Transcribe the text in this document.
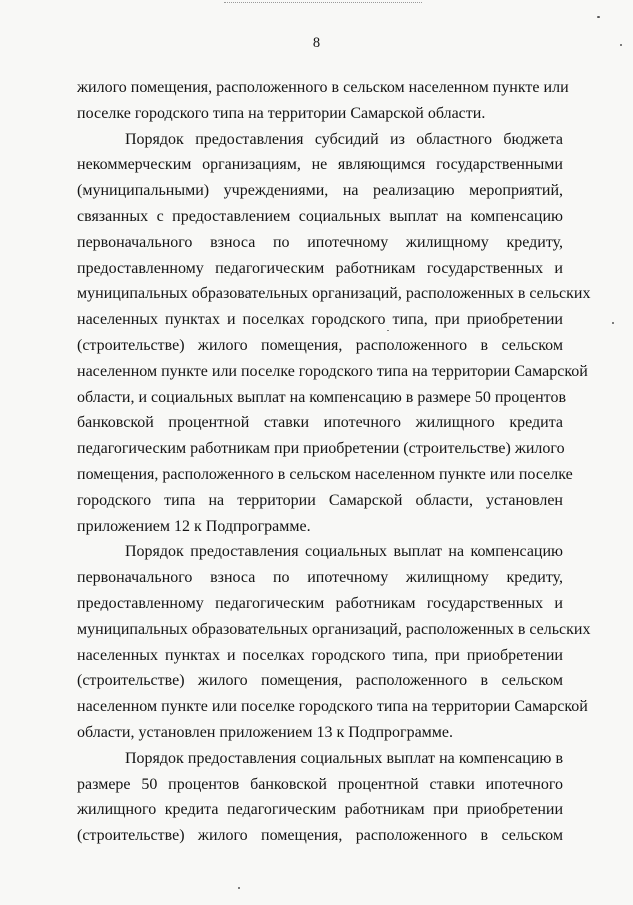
8
жилого помещения, расположенного в сельском населенном пункте или
поселке городского типа на территории Самарской области.
Порядок предоставления субсидий из областного бюджета
некоммерческим организациям, не являющимся государственными
(муниципальными) учреждениями, на реализацию мероприятий,
связанных с предоставлением социальных выплат на компенсацию
первоначального взноса по ипотечному жилищному кредиту,
предоставленному педагогическим работникам государственных и
муниципальных образовательных организаций, расположенных в сельских
населенных пунктах и поселках городского типа, при приобретении
(строительстве) жилого помещения, расположенного в сельском
населенном пункте или поселке городского типа на территории Самарской
области, и социальных выплат на компенсацию в размере 50 процентов
банковской процентной ставки ипотечного жилищного кредита
педагогическим работникам при приобретении (строительстве) жилого
помещения, расположенного в сельском населенном пункте или поселке
городского типа на территории Самарской области, установлен
приложением 12 к Подпрограмме.
Порядок предоставления социальных выплат на компенсацию
первоначального взноса по ипотечному жилищному кредиту,
предоставленному педагогическим работникам государственных и
муниципальных образовательных организаций, расположенных в сельских
населенных пунктах и поселках городского типа, при приобретении
(строительстве) жилого помещения, расположенного в сельском
населенном пункте или поселке городского типа на территории Самарской
области, установлен приложением 13 к Подпрограмме.
Порядок предоставления социальных выплат на компенсацию в
размере 50 процентов банковской процентной ставки ипотечного
жилищного кредита педагогическим работникам при приобретении
(строительстве) жилого помещения, расположенного в сельском
